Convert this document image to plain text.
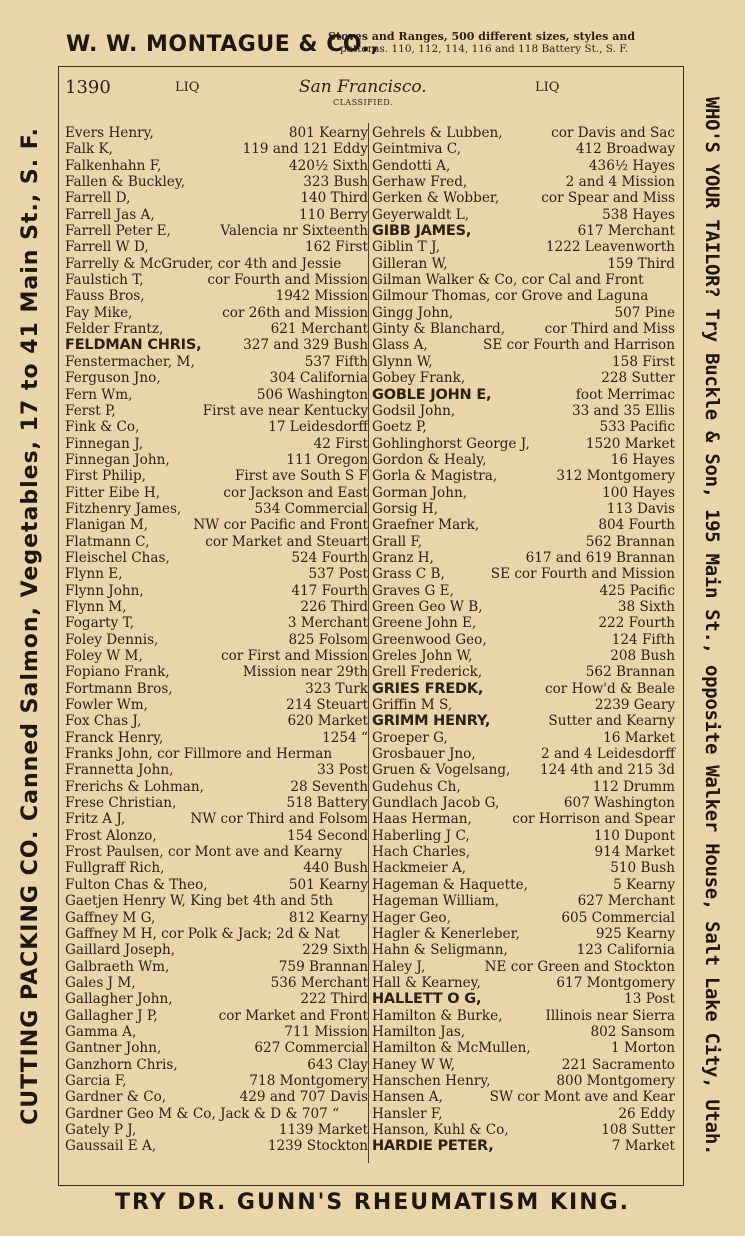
W. W. MONTAGUE & CO.,
Stoves and Ranges, 500 different sizes, styles and
patterns. 110, 112, 114, 116 and 118 Battery St., S. F.
CUTTING PACKING CO. Canned Salmon, Vegetables, 17 to 41 Main St., S. F.	WHO'S YOUR TAILOR? Try Buckle & Son, 195 Main St., opposite Walker House, Salt Lake City, Utah.
1390	LIQ	San Francisco.	LIQ
CLASSIFIED.
Evers Henry,	801 Kearny
Falk K,	119 and 121 Eddy
Falkenhahn F,	420½ Sixth
Fallen & Buckley,	323 Bush
Farrell D,	140 Third
Farrell Jas A,	110 Berry
Farrell Peter E,	Valencia nr Sixteenth
Farrell W D,	162 First
Farrelly & McGruder, cor 4th and Jessie
Faulstich T,	cor Fourth and Mission
Fauss Bros,	1942 Mission
Fay Mike,	cor 26th and Mission
Felder Frantz,	621 Merchant
FELDMAN CHRIS,	327 and 329 Bush
Fenstermacher, M,	537 Fifth
Ferguson Jno,	304 California
Fern Wm,	506 Washington
Ferst P,	First ave near Kentucky
Fink & Co,	17 Leidesdorff
Finnegan J,	42 First
Finnegan John,	111 Oregon
First Philip,	First ave South S F
Fitter Eibe H,	cor Jackson and East
Fitzhenry James,	534 Commercial
Flanigan M,	NW cor Pacific and Front
Flatmann C,	cor Market and Steuart
Fleischel Chas,	524 Fourth
Flynn E,	537 Post
Flynn John,	417 Fourth
Flynn M,	226 Third
Fogarty T,	3 Merchant
Foley Dennis,	825 Folsom
Foley W M,	cor First and Mission
Fopiano Frank,	Mission near 29th
Fortmann Bros,	323 Turk
Fowler Wm,	214 Steuart
Fox Chas J,	620 Market
Franck Henry,	1254 “
Franks John, cor Fillmore and Herman
Frannetta John,	33 Post
Frerichs & Lohman,	28 Seventh
Frese Christian,	518 Battery
Fritz A J,	NW cor Third and Folsom
Frost Alonzo,	154 Second
Frost Paulsen, cor Mont ave and Kearny
Fullgraff Rich,	440 Bush
Fulton Chas & Theo,	501 Kearny
Gaetjen Henry W, King bet 4th and 5th
Gaffney M G,	812 Kearny
Gaffney M H, cor Polk & Jack; 2d & Nat
Gaillard Joseph,	229 Sixth
Galbraeth Wm,	759 Brannan
Gales J M,	536 Merchant
Gallagher John,	222 Third
Gallagher J P,	cor Market and Front
Gamma A,	711 Mission
Gantner John,	627 Commercial
Ganzhorn Chris,	643 Clay
Garcia F,	718 Montgomery
Gardner & Co,	429 and 707 Davis
Gardner Geo M & Co, Jack & D & 707 “
Gately P J,	1139 Market
Gaussail E A,	1239 Stockton
Gehrels & Lubben,	cor Davis and Sac
Geintmiva C,	412 Broadway
Gendotti A,	436½ Hayes
Gerhaw Fred,	2 and 4 Mission
Gerken & Wobber,	cor Spear and Miss
Geyerwaldt L,	538 Hayes
GIBB JAMES,	617 Merchant
Giblin T J,	1222 Leavenworth
Gilleran W,	159 Third
Gilman Walker & Co, cor Cal and Front
Gilmour Thomas, cor Grove and Laguna
Gingg John,	507 Pine
Ginty & Blanchard,	cor Third and Miss
Glass A,	SE cor Fourth and Harrison
Glynn W,	158 First
Gobey Frank,	228 Sutter
GOBLE JOHN E,	foot Merrimac
Godsil John,	33 and 35 Ellis
Goetz P,	533 Pacific
Gohlinghorst George J,	1520 Market
Gordon & Healy,	16 Hayes
Gorla & Magistra,	312 Montgomery
Gorman John,	100 Hayes
Gorsig H,	113 Davis
Graefner Mark,	804 Fourth
Grall F,	562 Brannan
Granz H,	617 and 619 Brannan
Grass C B,	SE cor Fourth and Mission
Graves G E,	425 Pacific
Green Geo W B,	38 Sixth
Greene John E,	222 Fourth
Greenwood Geo,	124 Fifth
Greles John W,	208 Bush
Grell Frederick,	562 Brannan
GRIES FREDK,	cor How'd & Beale
Griffin M S,	2239 Geary
GRIMM HENRY,	Sutter and Kearny
Groeper G,	16 Market
Grosbauer Jno,	2 and 4 Leidesdorff
Gruen & Vogelsang, 124 4th and 215 3d
Gudehus Ch,	112 Drumm
Gundlach Jacob G,	607 Washington
Haas Herman,	cor Horrison and Spear
Haberling J C,	110 Dupont
Hach Charles,	914 Market
Hackmeier A,	510 Bush
Hageman & Haquette,	5 Kearny
Hageman William,	627 Merchant
Hager Geo,	605 Commercial
Hagler & Kenerleber,	925 Kearny
Hahn & Seligmann,	123 California
Haley J,	NE cor Green and Stockton
Hall & Kearney,	617 Montgomery
HALLETT O G,	13 Post
Hamilton & Burke,	Illinois near Sierra
Hamilton Jas,	802 Sansom
Hamilton & McMullen,	1 Morton
Haney W W,	221 Sacramento
Hanschen Henry,	800 Montgomery
Hansen A,	SW cor Mont ave and Kear
Hansler F,	26 Eddy
Hanson, Kuhl & Co,	108 Sutter
HARDIE PETER,	7 Market
TRY DR. GUNN'S RHEUMATISM KING.
